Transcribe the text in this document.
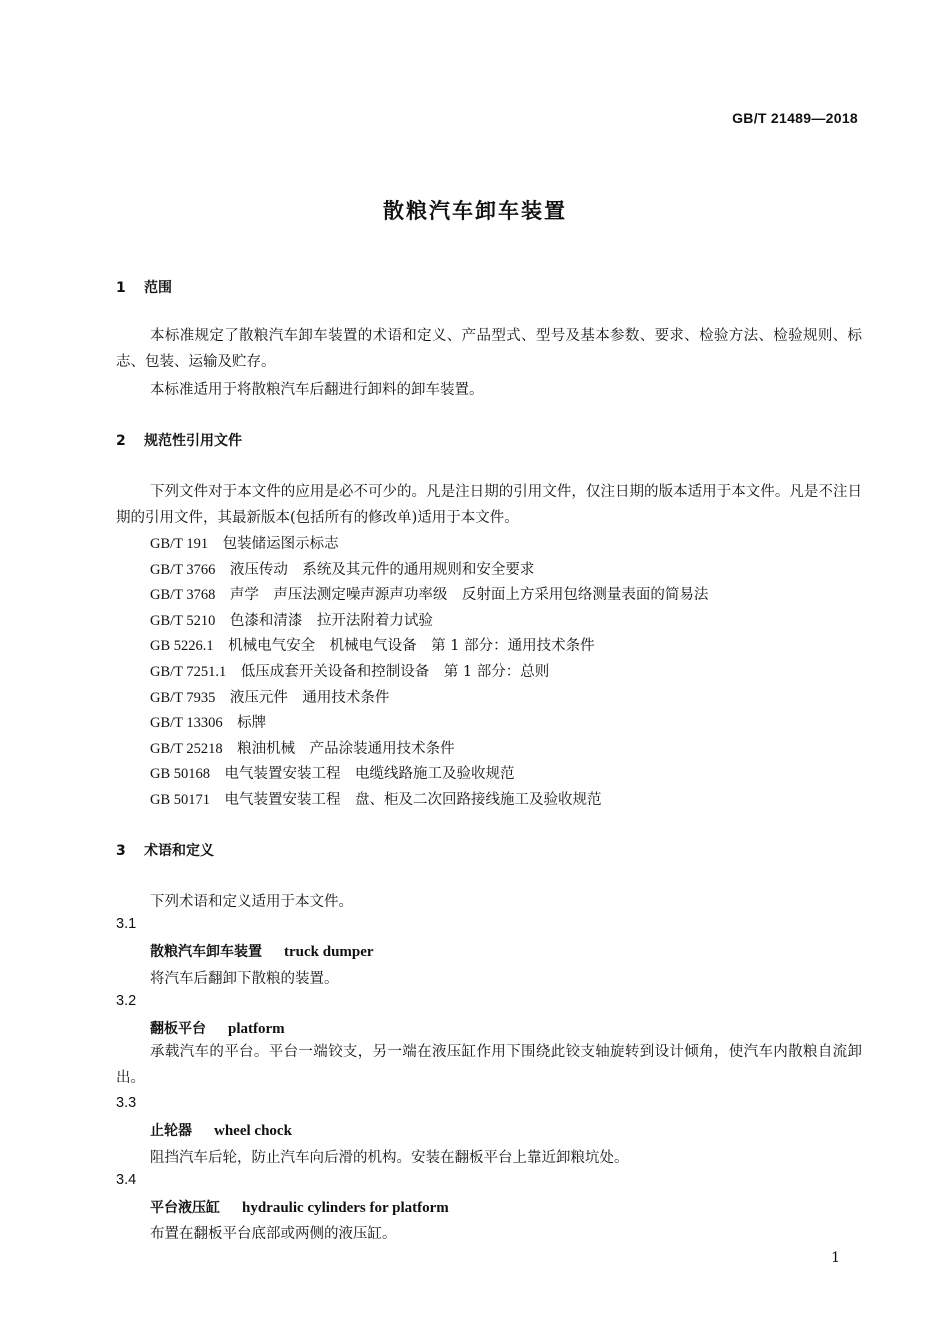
GB/T 21489—2018
散粮汽车卸车装置
1 范围
本标准规定了散粮汽车卸车装置的术语和定义、产品型式、型号及基本参数、要求、检验方法、检验规则、标志、包装、运输及贮存。
本标准适用于将散粮汽车后翻进行卸料的卸车装置。
2 规范性引用文件
下列文件对于本文件的应用是必不可少的。凡是注日期的引用文件，仅注日期的版本适用于本文件。凡是不注日期的引用文件，其最新版本(包括所有的修改单)适用于本文件。
GB/T 191　 包装储运图示标志
GB/T 3766　 液压传动　系统及其元件的通用规则和安全要求
GB/T 3768　 声学　声压法测定噪声源声功率级　反射面上方采用包络测量表面的简易法
GB/T 5210　 色漆和清漆　拉开法附着力试验
GB 5226.1　 机械电气安全　机械电气设备　第 1 部分：通用技术条件
GB/T 7251.1　 低压成套开关设备和控制设备　第 1 部分：总则
GB/T 7935　 液压元件　通用技术条件
GB/T 13306　 标牌
GB/T 25218　 粮油机械　产品涂装通用技术条件
GB 50168　 电气装置安装工程　电缆线路施工及验收规范
GB 50171　 电气装置安装工程　盘、柜及二次回路接线施工及验收规范
3 术语和定义
下列术语和定义适用于本文件。
3.1
散粮汽车卸车装置 truck dumper
将汽车后翻卸下散粮的装置。
3.2
翻板平台 platform
承载汽车的平台。平台一端铰支，另一端在液压缸作用下围绕此铰支轴旋转到设计倾角，使汽车内散粮自流卸出。
3.3
止轮器 wheel chock
阻挡汽车后轮，防止汽车向后滑的机构。安装在翻板平台上靠近卸粮坑处。
3.4
平台液压缸 hydraulic cylinders for platform
布置在翻板平台底部或两侧的液压缸。
1
